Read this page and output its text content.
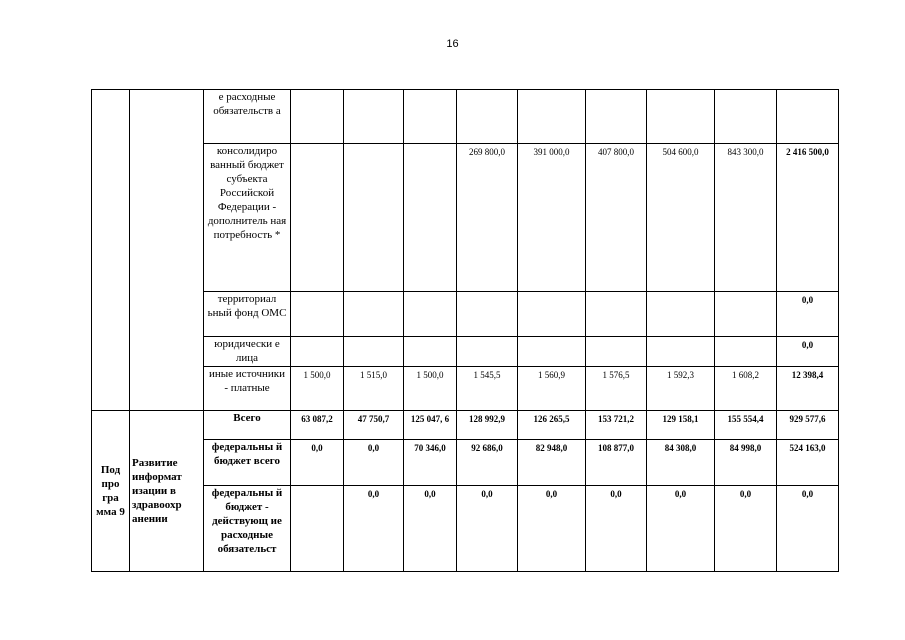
16
		е расходные обязательств а									
		консолидиро ванный бюджет субъекта Российской Федерации - дополнитель ная потребность *				269 800,0	391 000,0	407 800,0	504 600,0	843 300,0	2 416 500,0
		территориал ьный фонд ОМС									0,0
		юридически е лица									0,0
		иные источники - платные	1 500,0	1 515,0	1 500,0	1 545,5	1 560,9	1 576,5	1 592,3	1 608,2	12 398,4
Под про гра мма 9	Развитие информат изации в здравоохр анении	Всего	63 087,2	47 750,7	125 047, 6	128 992,9	126 265,5	153 721,2	129 158,1	155 554,4	929 577,6
		федеральны й бюджет всего	0,0	0,0	70 346,0	92 686,0	82 948,0	108 877,0	84 308,0	84 998,0	524 163,0
		федеральны й бюджет - действующ ие расходные обязательст		0,0	0,0	0,0	0,0	0,0	0,0	0,0	0,0
